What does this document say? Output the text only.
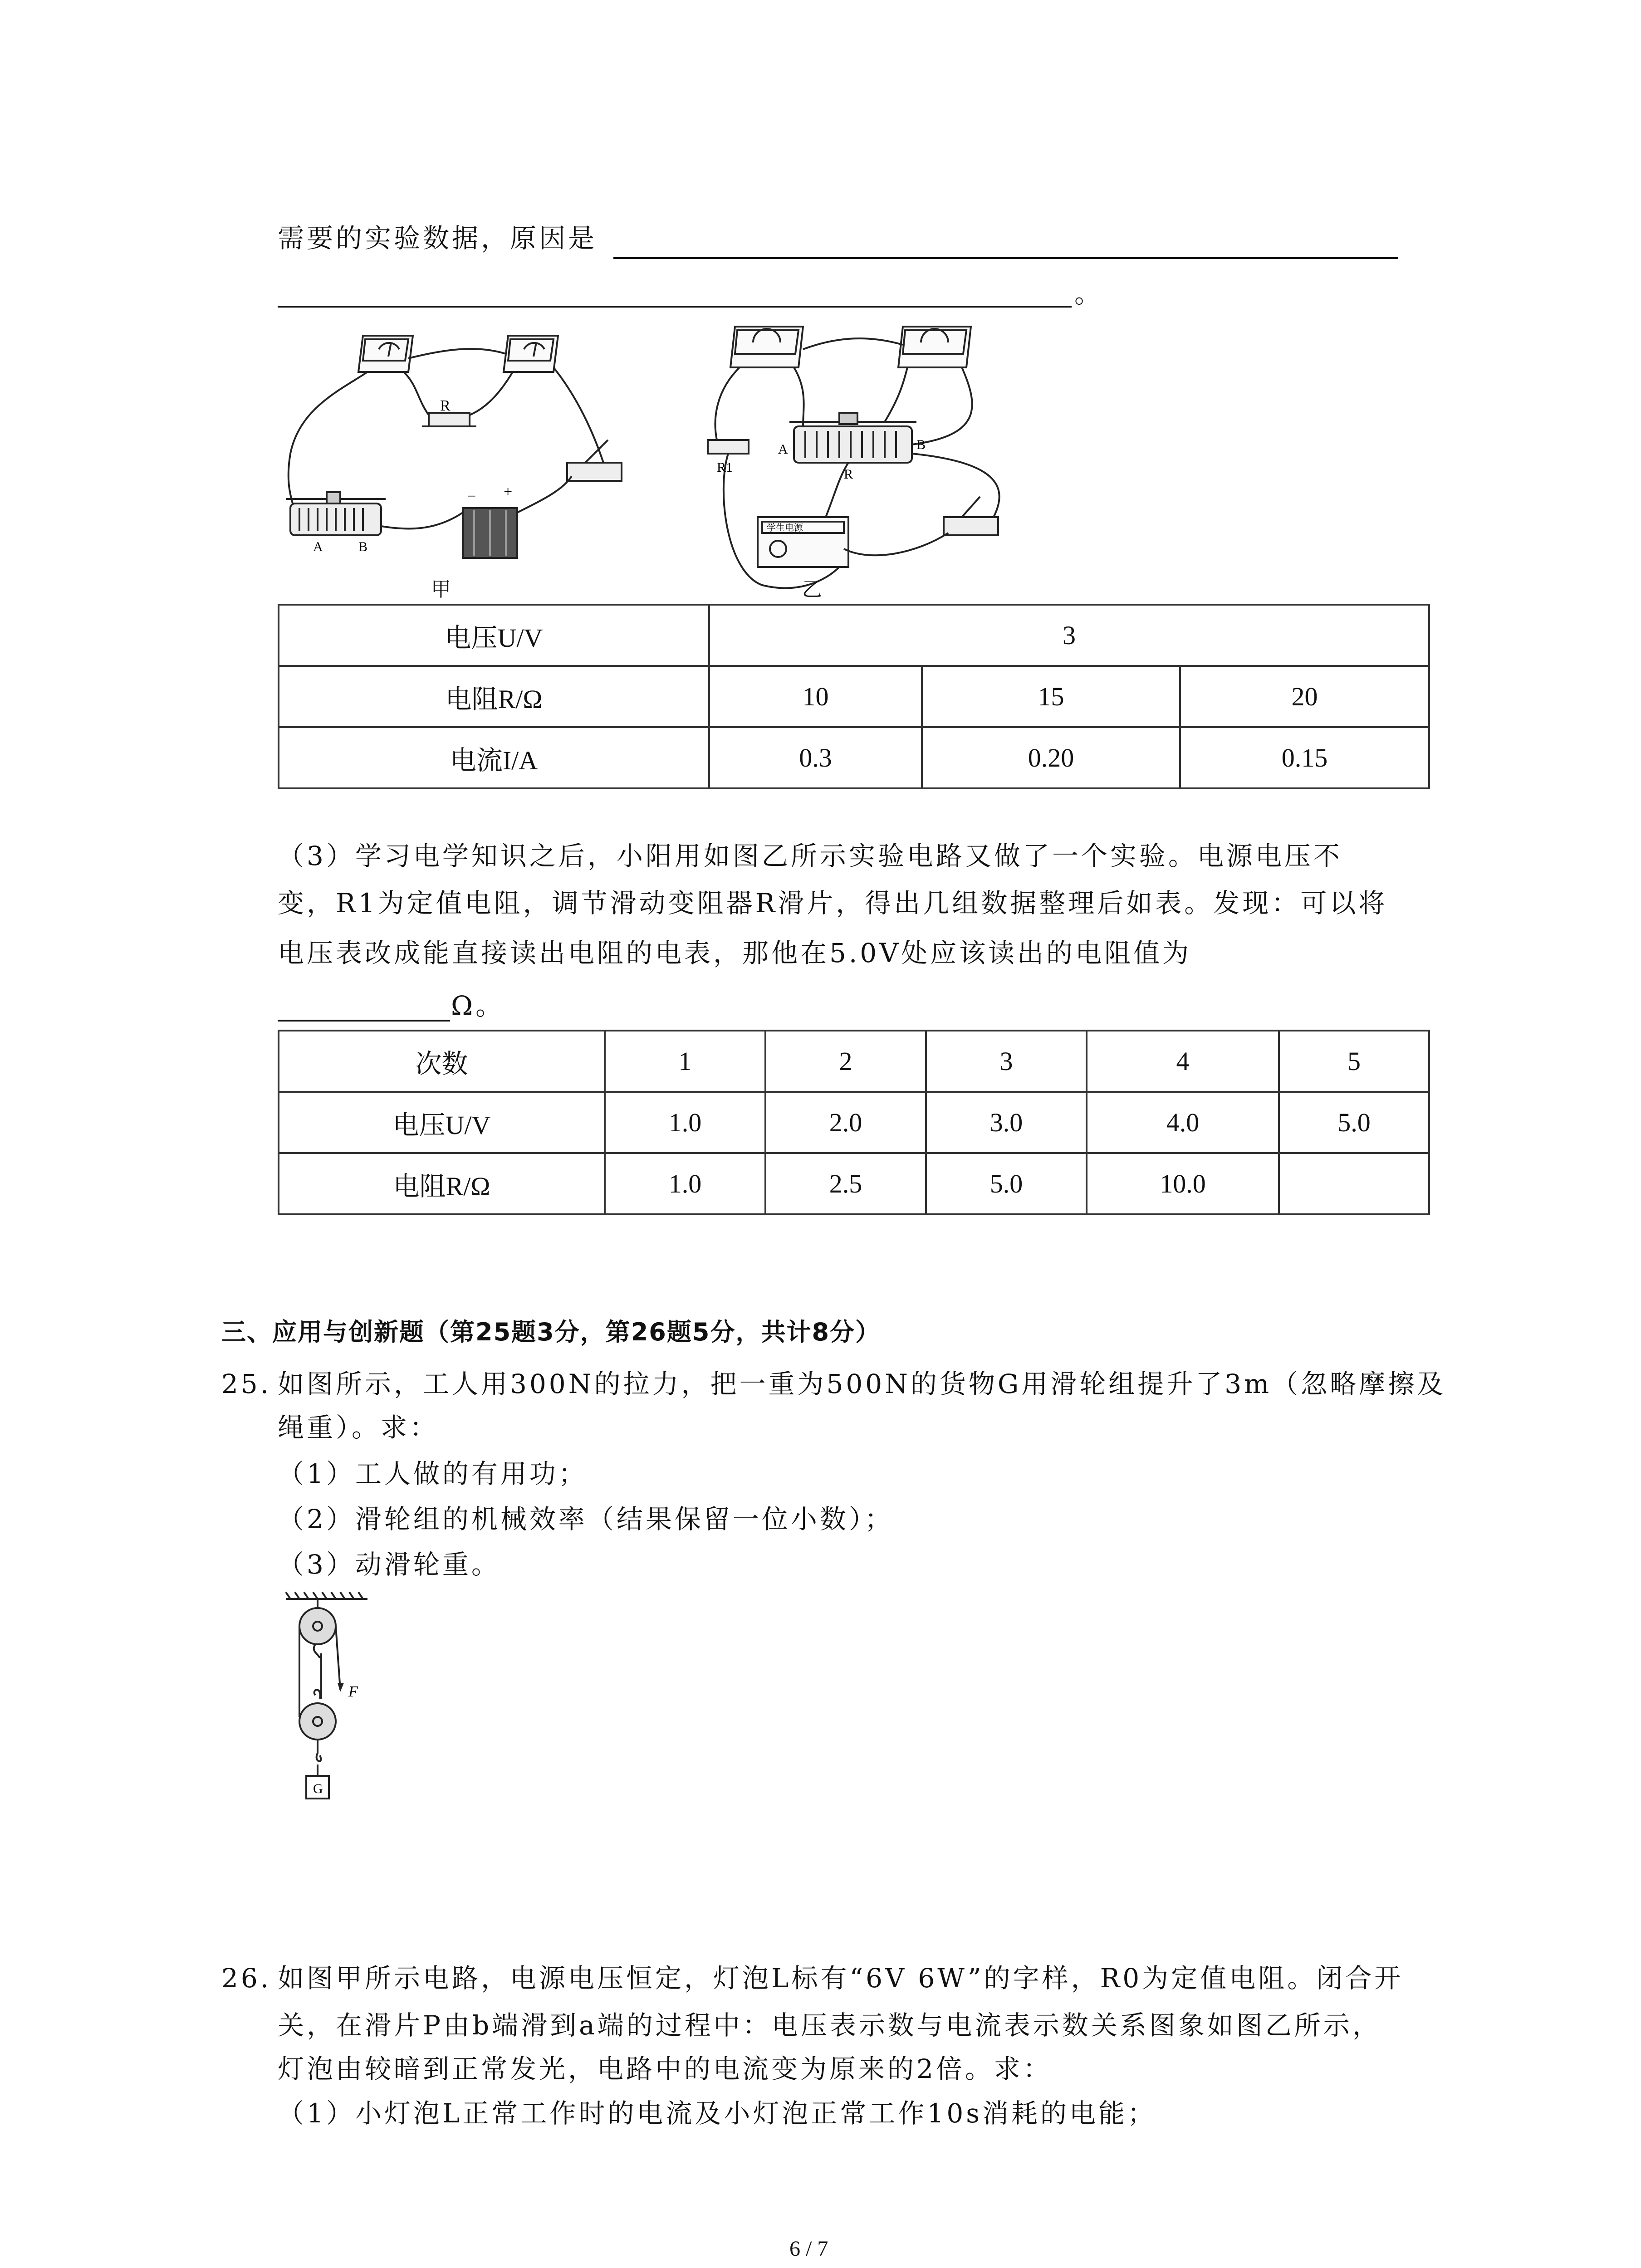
需要的实验数据，原因是
。
R
A	B
− +
甲
R1
A
R
B
学生电源
乙
电压U/V	3		
电阻R/Ω	10	15	20
电流I/A	0.3	0.20	0.15
（3）学习电学知识之后，小阳用如图乙所示实验电路又做了一个实验。电源电压不
变，R1为定值电阻，调节滑动变阻器R滑片，得出几组数据整理后如表。发现：可以将
电压表改成能直接读出电阻的电表，那他在5.0V处应该读出的电阻值为
Ω。
次数	1	2	3	4	5
电压U/V	1.0	2.0	3.0	4.0	5.0
电阻R/Ω	1.0	2.5	5.0	10.0	
三、应用与创新题（第25题3分，第26题5分，共计8分）
25. 如图所示，工人用300N的拉力，把一重为500N的货物G用滑轮组提升了3m（忽略摩擦及
绳重）。求：
（1）工人做的有用功；
（2）滑轮组的机械效率（结果保留一位小数）；
（3）动滑轮重。
F
G
26. 如图甲所示电路，电源电压恒定，灯泡L标有“6V 6W”的字样，R0为定值电阻。闭合开
关，在滑片P由b端滑到a端的过程中：电压表示数与电流表示数关系图象如图乙所示，
灯泡由较暗到正常发光，电路中的电流变为原来的2倍。求：
（1）小灯泡L正常工作时的电流及小灯泡正常工作10s消耗的电能；
6 / 7
